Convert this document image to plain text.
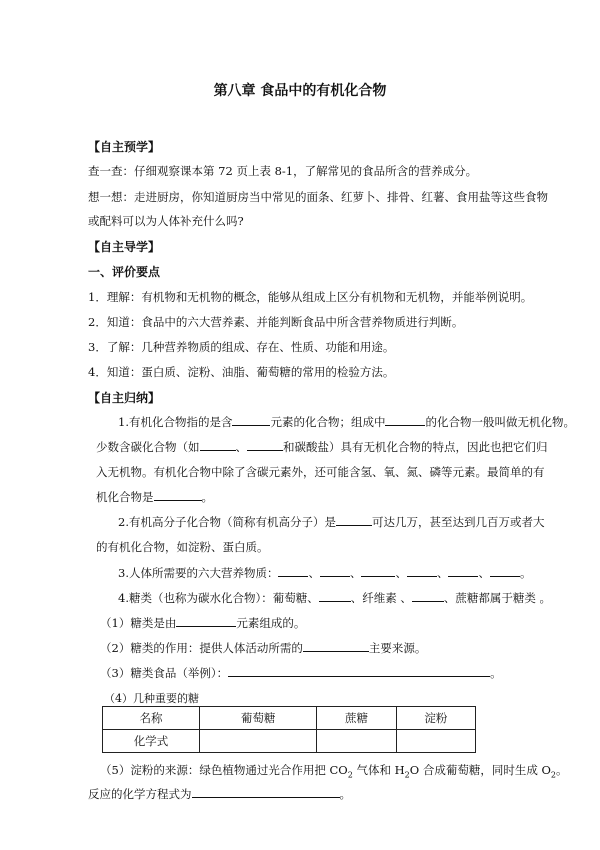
第八章 食品中的有机化合物
【自主预学】
查一查：仔细观察课本第 72 页上表 8-1，了解常见的食品所含的营养成分。
想一想：走进厨房，你知道厨房当中常见的面条、红萝卜、排骨、红薯、食用盐等这些食物
或配料可以为人体补充什么吗?
【自主导学】
一、评价要点
1．理解：有机物和无机物的概念，能够从组成上区分有机物和无机物，并能举例说明。
2．知道：食品中的六大营养素、并能判断食品中所含营养物质进行判断。
3．了解：几种营养物质的组成、存在、性质、功能和用途。
4．知道：蛋白质、淀粉、油脂、葡萄糖的常用的检验方法。
【自主归纳】
1.有机化合物指的是含	元素的化合物；组成中	的化合物一般叫做无机化物。
少数含碳化合物（如	、	和碳酸盐）具有无机化合物的特点，因此也把它们归
入无机物。有机化合物中除了含碳元素外，还可能含氢、氧、氮、磷等元素。最简单的有
机化合物是	。
2.有机高分子化合物（简称有机高分子）是	可达几万，甚至达到几百万或者大
的有机化合物，如淀粉、蛋白质。
3.人体所需要的六大营养物质：	、	、	、	、	、	。
4.糖类（也称为碳水化合物）：葡萄糖、	、纤维素 、	、蔗糖都属于糖类 。
（1）糖类是由	元素组成的。
（2）糖类的作用：提供人体活动所需的	主要来源。
（3）糖类食品（举例）：	。
（4）几种重要的糖
名称	葡萄糖	蔗糖	淀粉
化学式			
（5）淀粉的来源：绿色植物通过光合作用把 $CO_2$ 气体和 $H_2O$ 合成葡萄糖，同时生成 $O_2$。
反应的化学方程式为	。
